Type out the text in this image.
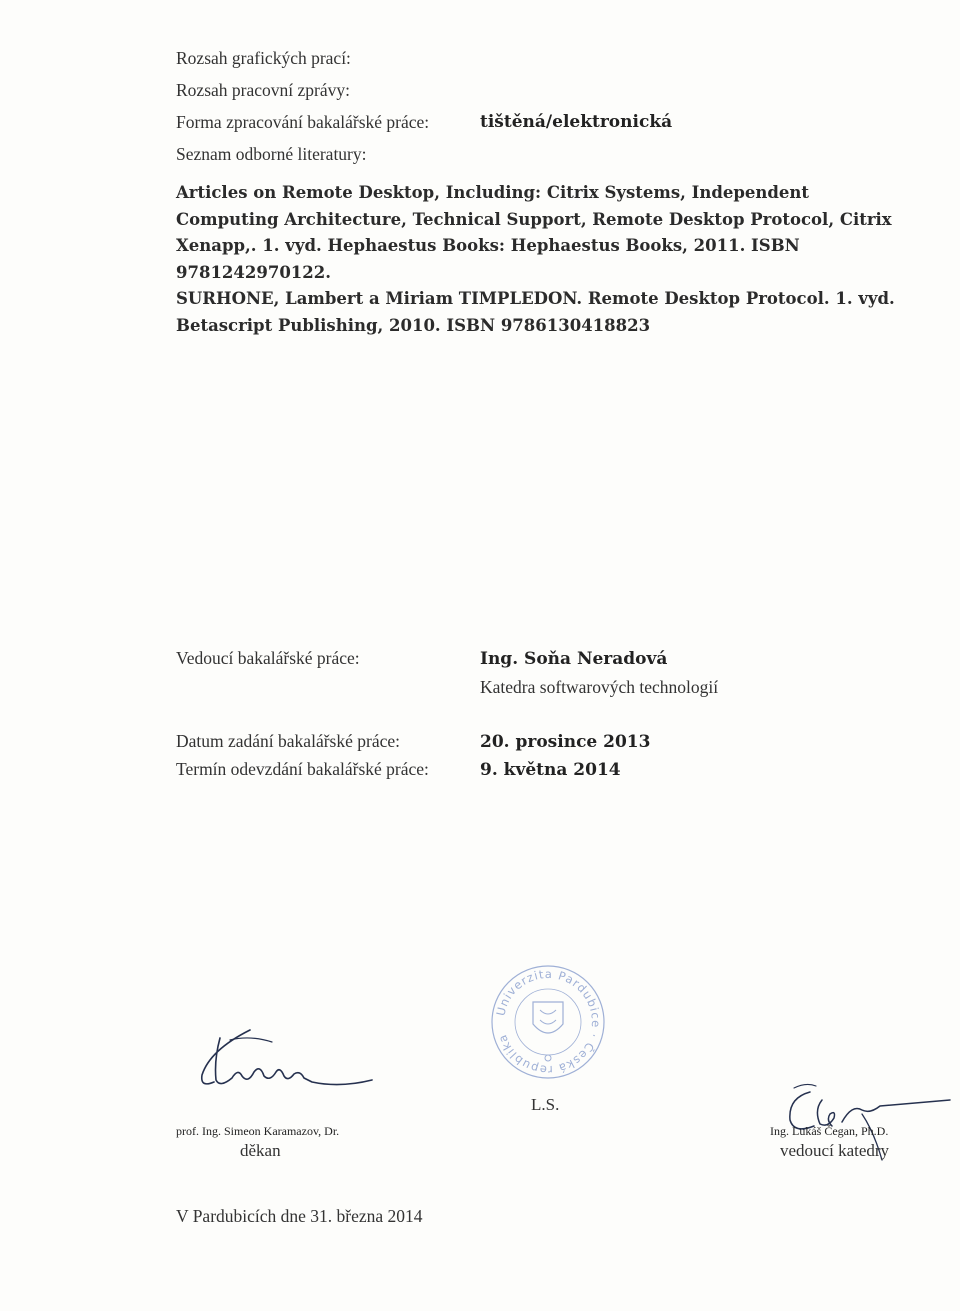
Rozsah grafických prací:
Rozsah pracovní zprávy:
Forma zpracování bakalářské práce:	tištěná/elektronická
Seznam odborné literatury:

Articles on Remote Desktop, Including: Citrix Systems, Independent Computing Architecture, Technical Support, Remote Desktop Protocol, Citrix Xenapp,. 1. vyd. Hephaestus Books: Hephaestus Books, 2011. ISBN 9781242970122.

SURHONE, Lambert a Miriam TIMPLEDON. Remote Desktop Protocol. 1. vyd. Betascript Publishing, 2010. ISBN 9786130418823

Vedoucí bakalářské práce:	Ing. Soňa Neradová
Katedra softwarových technologií
Datum zadání bakalářské práce:	20. prosince 2013
Termín odevzdání bakalářské práce:	9. května 2014
Univerzita Pardubice · Česká republika
L.S.
prof. Ing. Simeon Karamazov, Dr.
děkan
Ing. Lukáš Čegan, Ph.D.
vedoucí katedry
V Pardubicích dne 31. března 2014
